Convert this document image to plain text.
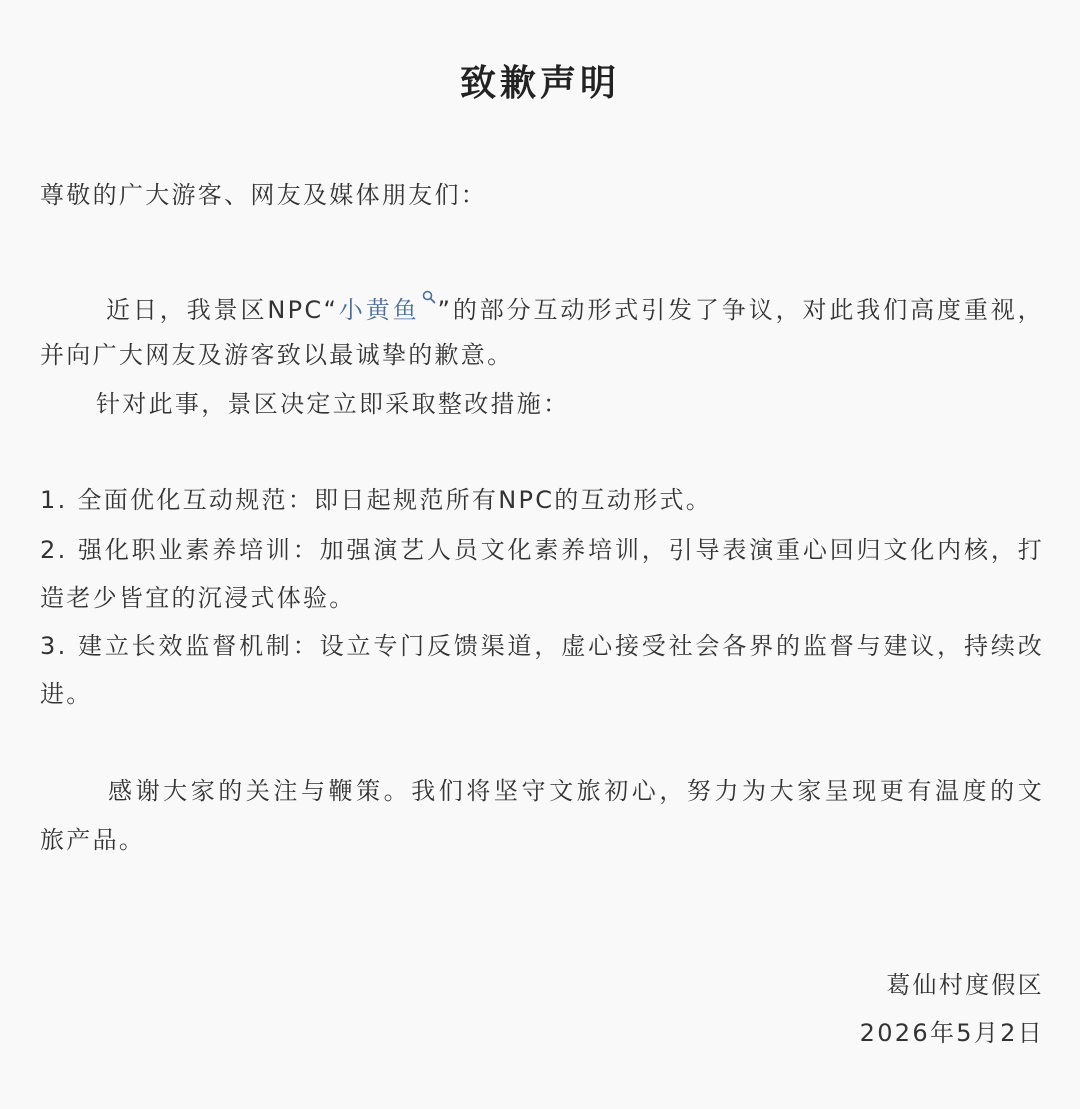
致歉声明
尊敬的广大游客、网友及媒体朋友们：
近日，我景区NPC“小黄鱼 ”的部分互动形式引发了争议，对此我们高度重视，
并向广大网友及游客致以最诚挚的歉意。
针对此事，景区决定立即采取整改措施：
1. 全面优化互动规范：即日起规范所有NPC的互动形式。
2. 强化职业素养培训：加强演艺人员文化素养培训，引导表演重心回归文化内核，打
造老少皆宜的沉浸式体验。
3. 建立长效监督机制：设立专门反馈渠道，虚心接受社会各界的监督与建议，持续改
进。
感谢大家的关注与鞭策。我们将坚守文旅初心，努力为大家呈现更有温度的文
旅产品。
葛仙村度假区
2026年5月2日
